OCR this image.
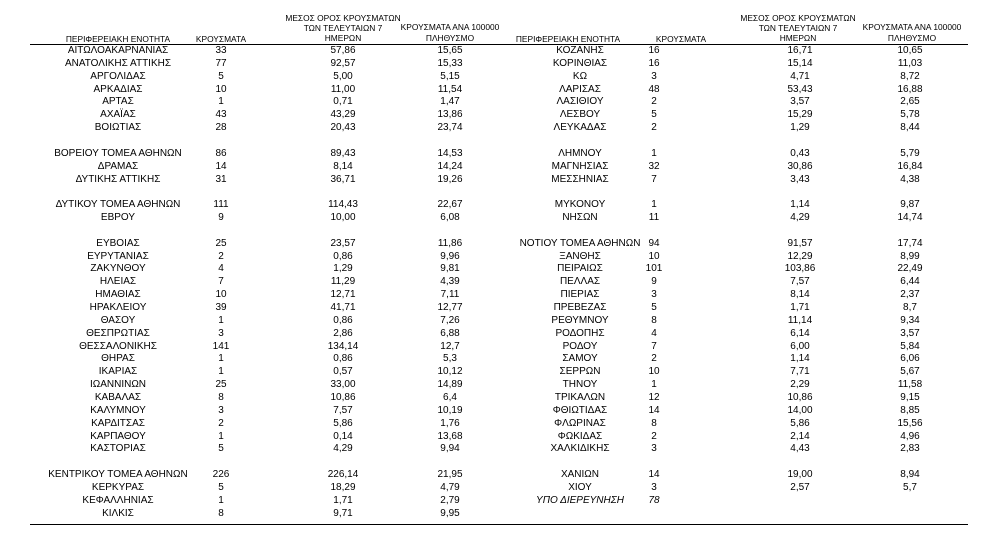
ΠΕΡΙΦΕΡΕΙΑΚΗ ΕΝΟΤΗΤΑ	ΚΡΟΥΣΜΑΤΑ
ΜΕΣΟΣ ΟΡΟΣ ΚΡΟΥΣΜΑΤΩΝ
ΤΩΝ ΤΕΛΕΥΤΑΙΩΝ 7
ΗΜΕΡΩΝ
ΚΡΟΥΣΜΑΤΑ ΑΝΑ 100000
ΠΛΗΘΥΣΜΟ	ΠΕΡΙΦΕΡΕΙΑΚΗ ΕΝΟΤΗΤΑ	ΚΡΟΥΣΜΑΤΑ
ΜΕΣΟΣ ΟΡΟΣ ΚΡΟΥΣΜΑΤΩΝ
ΤΩΝ ΤΕΛΕΥΤΑΙΩΝ 7
ΗΜΕΡΩΝ
ΚΡΟΥΣΜΑΤΑ ΑΝΑ 100000
ΠΛΗΘΥΣΜΟ
ΑΙΤΩΛΟΑΚΑΡΝΑΝΙΑΣ	33	57,86	15,65
ΑΝΑΤΟΛΙΚΗΣ ΑΤΤΙΚΗΣ	77	92,57	15,33
ΑΡΓΟΛΙΔΑΣ	5	5,00	5,15
ΑΡΚΑΔΙΑΣ	10	11,00	11,54
ΑΡΤΑΣ	1	0,71	1,47
ΑΧΑΪΑΣ	43	43,29	13,86
ΒΟΙΩΤΙΑΣ	28	20,43	23,74
ΒΟΡΕΙΟΥ ΤΟΜΕΑ ΑΘΗΝΩΝ	86	89,43	14,53
ΔΡΑΜΑΣ	14	8,14	14,24
ΔΥΤΙΚΗΣ ΑΤΤΙΚΗΣ	31	36,71	19,26
ΔΥΤΙΚΟΥ ΤΟΜΕΑ ΑΘΗΝΩΝ	111	114,43	22,67
ΕΒΡΟΥ	9	10,00	6,08
ΕΥΒΟΙΑΣ	25	23,57	11,86
ΕΥΡΥΤΑΝΙΑΣ	2	0,86	9,96
ΖΑΚΥΝΘΟΥ	4	1,29	9,81
ΗΛΕΙΑΣ	7	11,29	4,39
ΗΜΑΘΙΑΣ	10	12,71	7,11
ΗΡΑΚΛΕΙΟΥ	39	41,71	12,77
ΘΑΣΟΥ	1	0,86	7,26
ΘΕΣΠΡΩΤΙΑΣ	3	2,86	6,88
ΘΕΣΣΑΛΟΝΙΚΗΣ	141	134,14	12,7
ΘΗΡΑΣ	1	0,86	5,3
ΙΚΑΡΙΑΣ	1	0,57	10,12
ΙΩΑΝΝΙΝΩΝ	25	33,00	14,89
ΚΑΒΑΛΑΣ	8	10,86	6,4
ΚΑΛΥΜΝΟΥ	3	7,57	10,19
ΚΑΡΔΙΤΣΑΣ	2	5,86	1,76
ΚΑΡΠΑΘΟΥ	1	0,14	13,68
ΚΑΣΤΟΡΙΑΣ	5	4,29	9,94
ΚΕΝΤΡΙΚΟΥ ΤΟΜΕΑ ΑΘΗΝΩΝ	226	226,14	21,95
ΚΕΡΚΥΡΑΣ	5	18,29	4,79
ΚΕΦΑΛΛΗΝΙΑΣ	1	1,71	2,79
ΚΙΛΚΙΣ	8	9,71	9,95
ΚΟΖΑΝΗΣ	16	16,71	10,65
ΚΟΡΙΝΘΙΑΣ	16	15,14	11,03
ΚΩ	3	4,71	8,72
ΛΑΡΙΣΑΣ	48	53,43	16,88
ΛΑΣΙΘΙΟΥ	2	3,57	2,65
ΛΕΣΒΟΥ	5	15,29	5,78
ΛΕΥΚΑΔΑΣ	2	1,29	8,44
ΛΗΜΝΟΥ	1	0,43	5,79
ΜΑΓΝΗΣΙΑΣ	32	30,86	16,84
ΜΕΣΣΗΝΙΑΣ	7	3,43	4,38
ΜΥΚΟΝΟΥ	1	1,14	9,87
ΝΗΣΩΝ	11	4,29	14,74
ΝΟΤΙΟΥ ΤΟΜΕΑ ΑΘΗΝΩΝ 94	91,57	17,74
ΞΑΝΘΗΣ	10	12,29	8,99
ΠΕΙΡΑΙΩΣ	101	103,86	22,49
ΠΕΛΛΑΣ	9	7,57	6,44
ΠΙΕΡΙΑΣ	3	8,14	2,37
ΠΡΕΒΕΖΑΣ	5	1,71	8,7
ΡΕΘΥΜΝΟΥ	8	11,14	9,34
ΡΟΔΟΠΗΣ	4	6,14	3,57
ΡΟΔΟΥ	7	6,00	5,84
ΣΑΜΟΥ	2	1,14	6,06
ΣΕΡΡΩΝ	10	7,71	5,67
ΤΗΝΟΥ	1	2,29	11,58
ΤΡΙΚΑΛΩΝ	12	10,86	9,15
ΦΘΙΩΤΙΔΑΣ	14	14,00	8,85
ΦΛΩΡΙΝΑΣ	8	5,86	15,56
ΦΩΚΙΔΑΣ	2	2,14	4,96
ΧΑΛΚΙΔΙΚΗΣ	3	4,43	2,83
ΧΑΝΙΩΝ	14	19,00	8,94
ΧΙΟΥ	3	2,57	5,7
ΥΠΟ ΔΙΕΡΕΥΝΗΣΗ	78
